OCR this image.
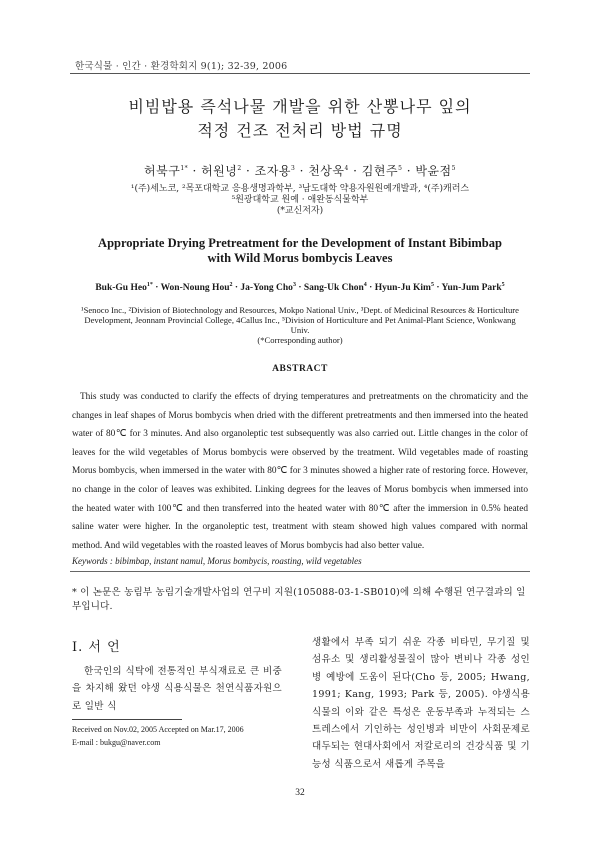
한국식물 · 인간 · 환경학회지 9(1); 32-39, 2006
비빔밥용 즉석나물 개발을 위한 산뽕나무 잎의
적정 건조 전처리 방법 규명
허북구$^{1*}$ · 허원녕$^2$ · 조자용$^3$ · 천상욱$^4$ · 김현주$^5$ · 박윤점$^5$
¹(주)세노코, ²목포대학교 응용생명과학부, ³남도대학 약용자원원예개발과, ⁴(주)캐러스
⁵원광대학교 원예 · 애완동식물학부
(*교신저자)
Appropriate Drying Pretreatment for the Development of Instant Bibimbap
with Wild Morus bombycis Leaves
Buk-Gu Heo$^{1*}$ · Won-Noung Hou$^2$ · Ja-Yong Cho$^3$ · Sang-Uk Chon$^4$ · Hyun-Ju Kim$^5$ · Yun-Jum Park$^5$
¹Senoco Inc., ²Division of Biotechnology and Resources, Mokpo National Univ., ³Dept. of Medicinal Resources & Horticulture
Development, Jeonnam Provincial College, 4Callus Inc., ⁵Division of Horticulture and Pet Animal-Plant Science, Wonkwang
Univ.
(*Corresponding author)
ABSTRACT
This study was conducted to clarify the effects of drying temperatures and pretreatments on the chromaticity and the changes in leaf shapes of Morus bombycis when dried with the different pretreatments and then immersed into the heated water of 80℃ for 3 minutes. And also organoleptic test subsequently was also carried out. Little changes in the color of leaves for the wild vegetables of Morus bombycis were observed by the treatment. Wild vegetables made of roasting Morus bombycis, when immersed in the water with 80℃ for 3 minutes showed a higher rate of restoring force. However, no change in the color of leaves was exhibited. Linking degrees for the leaves of Morus bombycis when immersed into the heated water with 100℃ and then transferred into the heated water with 80℃ after the immersion in 0.5% heated saline water were higher. In the organoleptic test, treatment with steam showed high values compared with normal method. And wild vegetables with the roasted leaves of Morus bombycis had also better value.
Keywords : bibimbap, instant namul, Morus bombycis, roasting, wild vegetables
* 이 논문은 농림부 농림기술개발사업의 연구비 지원(105088-03-1-SB010)에 의해 수행된 연구결과의 일부입니다.
Ⅰ. 서 언

한국인의 식탁에 전통적인 부식재료로 큰 비중을 차지해 왔던 야생 식용식물은 천연식품자원으로 일반 식

생활에서 부족 되기 쉬운 각종 비타민, 무기질 및 섬유소 및 생리활성물질이 많아 변비나 각종 성인병 예방에 도움이 된다(Cho 등, 2005; Hwang, 1991; Kang, 1993; Park 등, 2005). 야생식용식물의 이와 같은 특성은 운동부족과 누적되는 스트레스에서 기인하는 성인병과 비만이 사회문제로 대두되는 현대사회에서 저칼로리의 건강식품 및 기능성 식품으로서 새롭게 주목을

Received on Nov.02, 2005 Accepted on Mar.17, 2006
E-mail : bukgu@naver.com
32
